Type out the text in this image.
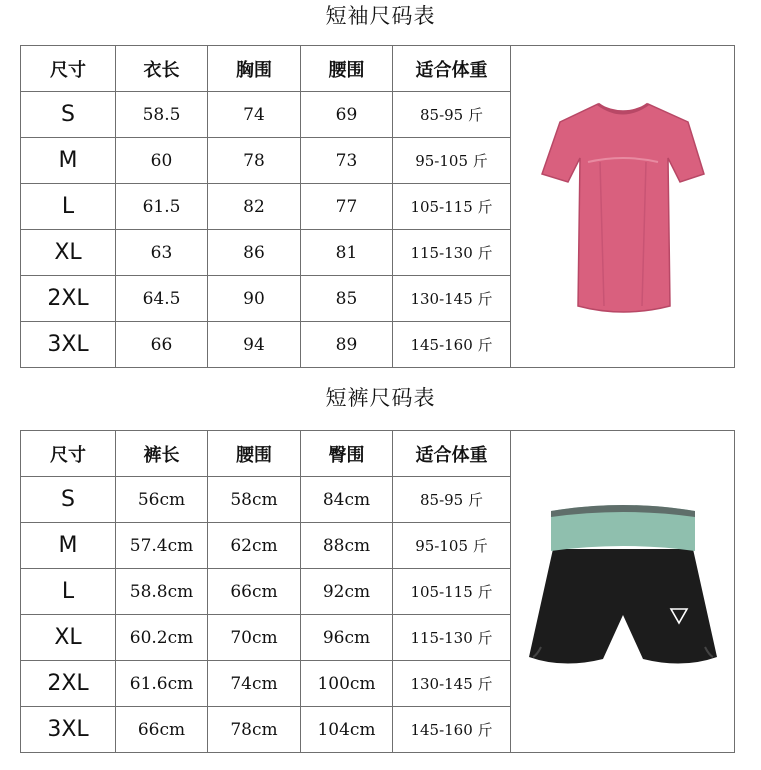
短袖尺码表
尺寸	衣长	胸围	腰围	适合体重	

S	58.5	74	69	85-95 斤	
M	60	78	73	95-105 斤	
L	61.5	82	77	105-115 斤	
XL	63	86	81	115-130 斤	
2XL	64.5	90	85	130-145 斤	
3XL	66	94	89	145-160 斤	
短裤尺码表
尺寸	裤长	腰围	臀围	适合体重	

S	56cm	58cm	84cm	85-95 斤	
M	57.4cm	62cm	88cm	95-105 斤	
L	58.8cm	66cm	92cm	105-115 斤	
XL	60.2cm	70cm	96cm	115-130 斤	
2XL	61.6cm	74cm	100cm	130-145 斤	
3XL	66cm	78cm	104cm	145-160 斤	
